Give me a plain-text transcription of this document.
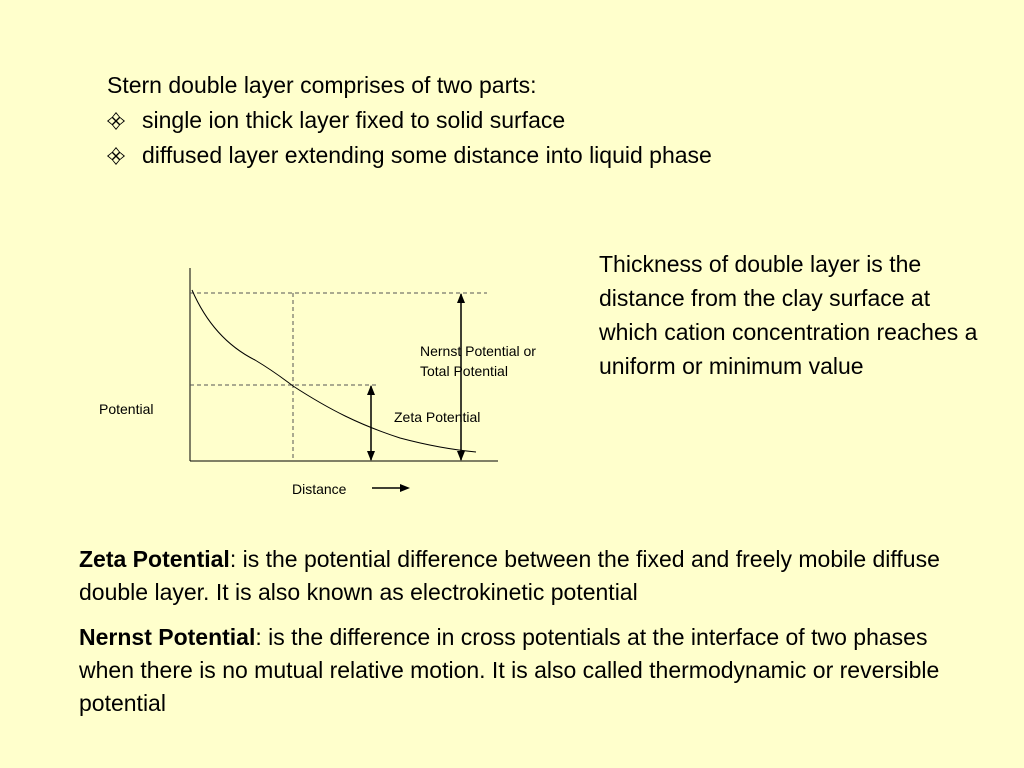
Stern double layer comprises of two parts:
single ion thick layer fixed to solid surface
diffused layer extending some distance into liquid phase
Thickness of double layer is the distance from the clay surface at which cation concentration reaches a uniform or minimum value
Potential
Distance
Nernst Potential or
Total Potential
Zeta Potential

Zeta Potential: is the potential difference between the fixed and freely mobile diffuse double layer. It is also known as electrokinetic potential

Nernst Potential: is the difference in cross potentials at the interface of two phases when there is no mutual relative motion. It is also called thermodynamic or reversible potential
